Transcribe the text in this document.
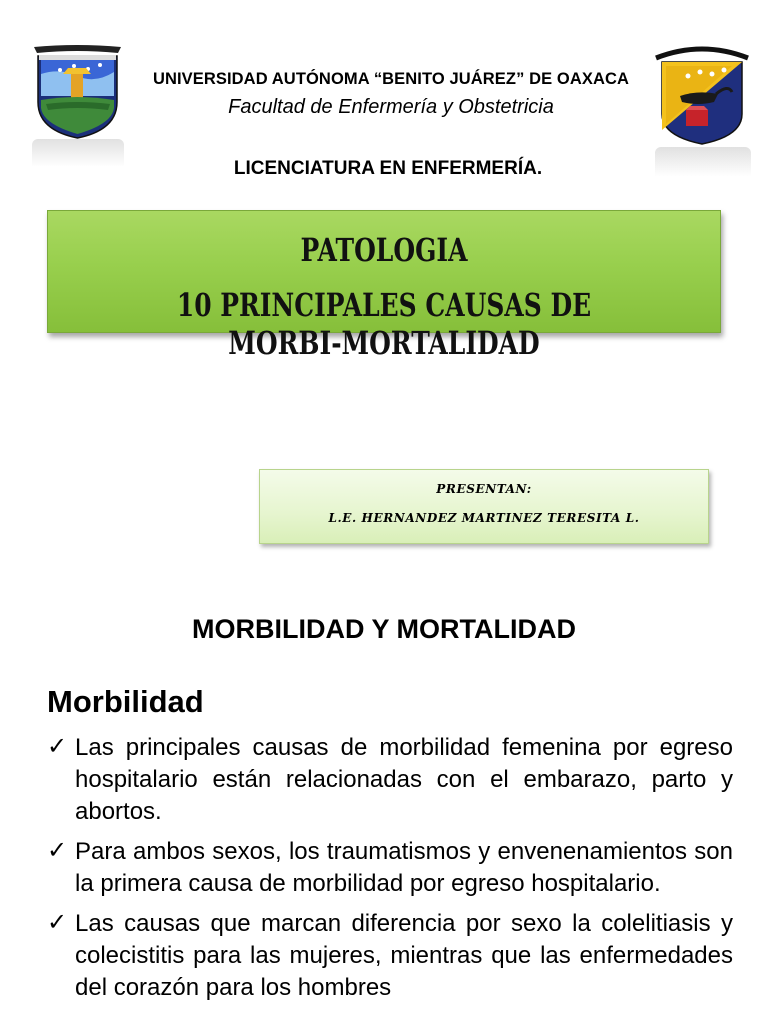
UNIVERSIDAD AUTÓNOMA “BENITO JUÁREZ” DE OAXACA
Facultad de Enfermería y Obstetricia
LICENCIATURA EN ENFERMERÍA.
PATOLOGIA
10 PRINCIPALES CAUSAS DE MORBI-MORTALIDAD
PRESENTAN:
L.E. HERNANDEZ MARTINEZ TERESITA L.
MORBILIDAD Y MORTALIDAD
Morbilidad
✓ Las principales causas de morbilidad femenina por egreso hospitalario están relacionadas con el embarazo, parto y abortos.
✓ Para ambos sexos, los traumatismos y envenenamientos son la primera causa de morbilidad por egreso hospitalario.
✓ Las causas que marcan diferencia por sexo la colelitiasis y colecistitis para las mujeres, mientras que las enfermedades del corazón para los hombres
